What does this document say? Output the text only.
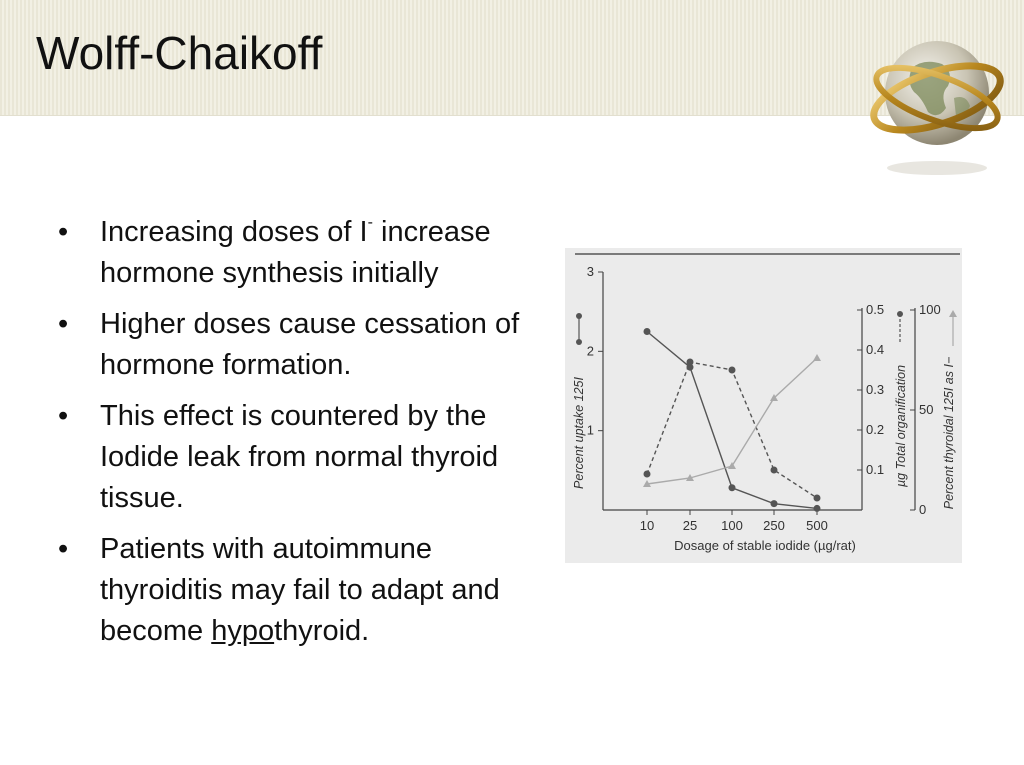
Wolff-Chaikoff
• Increasing doses of I- increase hormone synthesis initially
• Higher doses cause cessation of hormone formation.
• This effect is countered by the Iodide leak from normal thyroid tissue.
• Patients with autoimmune thyroiditis may fail to adapt and become hypothyroid.
1
2
3
0.1
0.2
0.3
0.4
0.5
0
50
100
10 25 100 250 500
Dosage of stable iodide (µg/rat)
Percent uptake 125I	µg Total organification	Percent thyroidal 125I as I−
